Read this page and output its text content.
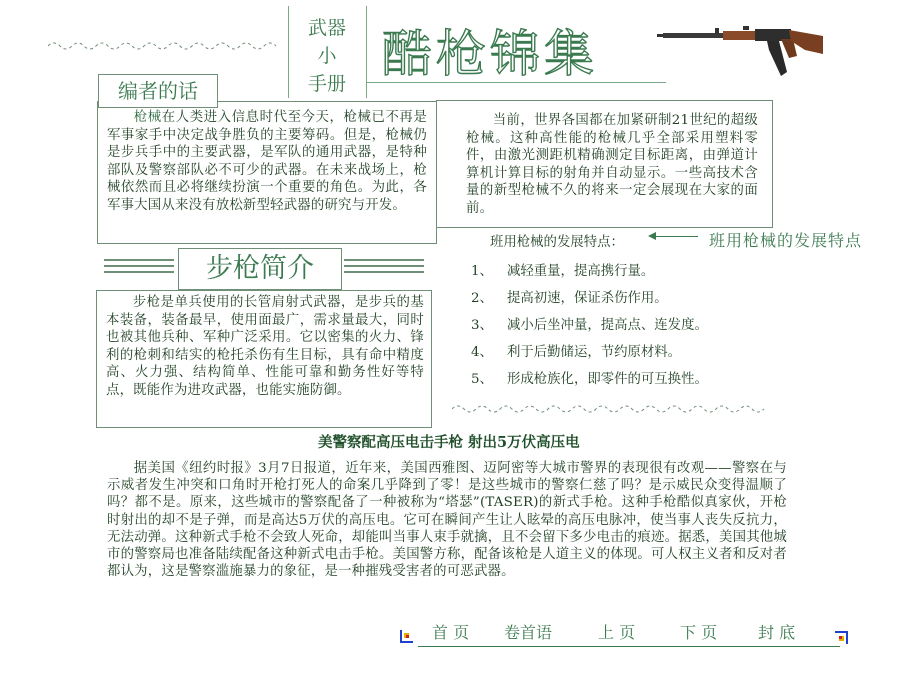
武器
小
手册
酷枪锦集
编者的话
枪械在人类进入信息时代至今天，枪械已不再是军事家手中决定战争胜负的主要筹码。但是，枪械仍是步兵手中的主要武器，是军队的通用武器，是特种部队及警察部队必不可少的武器。在未来战场上，枪械依然而且必将继续扮演一个重要的角色。为此，各军事大国从来没有放松新型轻武器的研究与开发。
当前，世界各国都在加紧研制21世纪的超级枪械。这种高性能的枪械几乎全部采用塑料零件，由激光测距机精确测定目标距离，由弹道计算机计算目标的射角并自动显示。一些高技术含量的新型枪械不久的将来一定会展现在大家的面前。
班用枪械的发展特点：	班用枪械的发展特点
1、 减轻重量，提高携行量。
2、 提高初速，保证杀伤作用。
3、 减小后坐冲量，提高点、连发度。
4、 利于后勤储运，节约原材料。
5、 形成枪族化，即零件的可互换性。
步枪简介
步枪是单兵使用的长管肩射式武器，是步兵的基本装备，装备最早，使用面最广，需求量最大，同时也被其他兵种、军种广泛采用。它以密集的火力、锋利的枪刺和结实的枪托杀伤有生目标，具有命中精度高、火力强、结构简单、性能可靠和勤务性好等特点，既能作为进攻武器，也能实施防御。
美警察配高压电击手枪 射出5万伏高压电
据美国《纽约时报》3月7日报道，近年来，美国西雅图、迈阿密等大城市警界的表现很有改观——警察在与示威者发生冲突和口角时开枪打死人的命案几乎降到了零！是这些城市的警察仁慈了吗？是示威民众变得温顺了吗？都不是。原来，这些城市的警察配备了一种被称为“塔瑟”(TASER)的新式手枪。这种手枪酷似真家伙，开枪时射出的却不是子弹，而是高达5万伏的高压电。它可在瞬间产生让人眩晕的高压电脉冲，使当事人丧失反抗力，无法动弹。这种新式手枪不会致人死命，却能叫当事人束手就擒，且不会留下多少电击的痕迹。据悉，美国其他城市的警察局也准备陆续配备这种新式电击手枪。美国警方称，配备该枪是人道主义的体现。可人权主义者和反对者都认为，这是警察滥施暴力的象征，是一种摧残受害者的可恶武器。
首 页 卷首语	上 页	下 页	封 底
